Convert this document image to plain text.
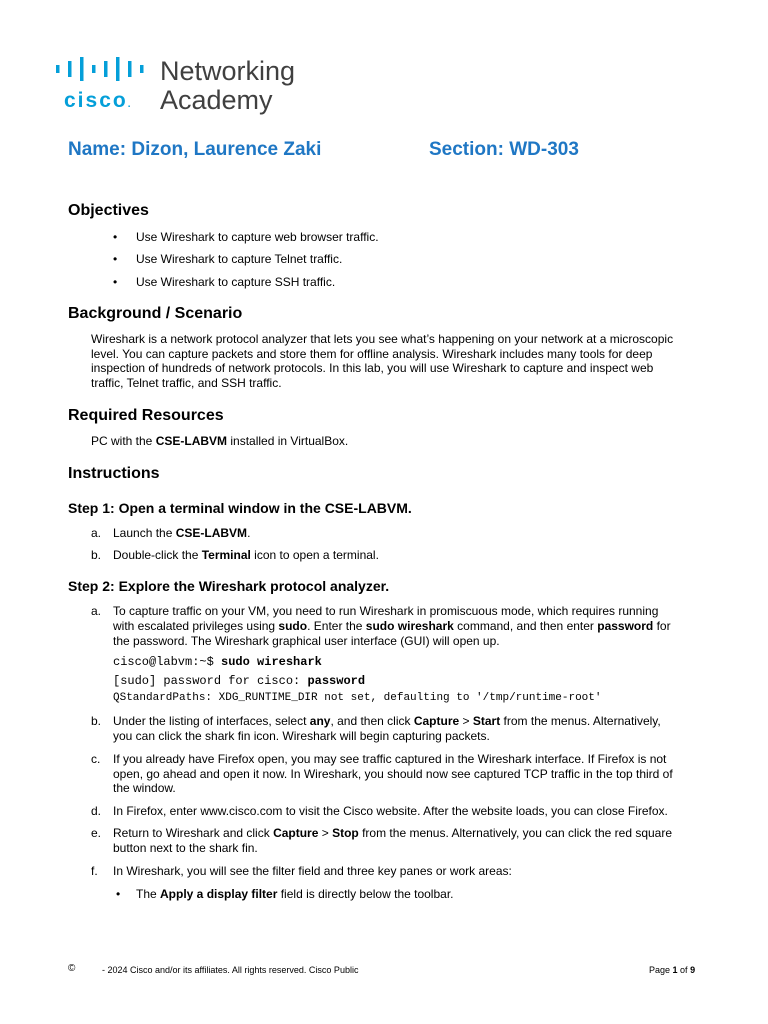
cisco.
Networking
Academy
Name: Dizon, Laurence Zaki	Section: WD-303
Objectives
• Use Wireshark to capture web browser traffic.
• Use Wireshark to capture Telnet traffic.
• Use Wireshark to capture SSH traffic.
Background / Scenario
Wireshark is a network protocol analyzer that lets you see what’s happening on your network at a microscopic
level. You can capture packets and store them for offline analysis. Wireshark includes many tools for deep
inspection of hundreds of network protocols. In this lab, you will use Wireshark to capture and inspect web
traffic, Telnet traffic, and SSH traffic.
Required Resources
PC with the CSE-LABVM installed in VirtualBox.
Instructions
Step 1: Open a terminal window in the CSE-LABVM.
a. Launch the CSE-LABVM.
b. Double-click the Terminal icon to open a terminal.
Step 2: Explore the Wireshark protocol analyzer.
a. To capture traffic on your VM, you need to run Wireshark in promiscuous mode, which requires running
with escalated privileges using sudo. Enter the sudo wireshark command, and then enter password for
the password. The Wireshark graphical user interface (GUI) will open up.
cisco@labvm:~$ sudo wireshark
[sudo] password for cisco: password
QStandardPaths: XDG_RUNTIME_DIR not set, defaulting to '/tmp/runtime-root'
b. Under the listing of interfaces, select any, and then click Capture > Start from the menus. Alternatively,
you can click the shark fin icon. Wireshark will begin capturing packets.
c. If you already have Firefox open, you may see traffic captured in the Wireshark interface. If Firefox is not
open, go ahead and open it now. In Wireshark, you should now see captured TCP traffic in the top third of
the window.
d. In Firefox, enter www.cisco.com to visit the Cisco website. After the website loads, you can close Firefox.
e. Return to Wireshark and click Capture > Stop from the menus. Alternatively, you can click the red square
button next to the shark fin.
f. In Wireshark, you will see the filter field and three key panes or work areas:
• The Apply a display filter field is directly below the toolbar.
©	- 2024 Cisco and/or its affiliates. All rights reserved. Cisco Public	Page 1 of 9
